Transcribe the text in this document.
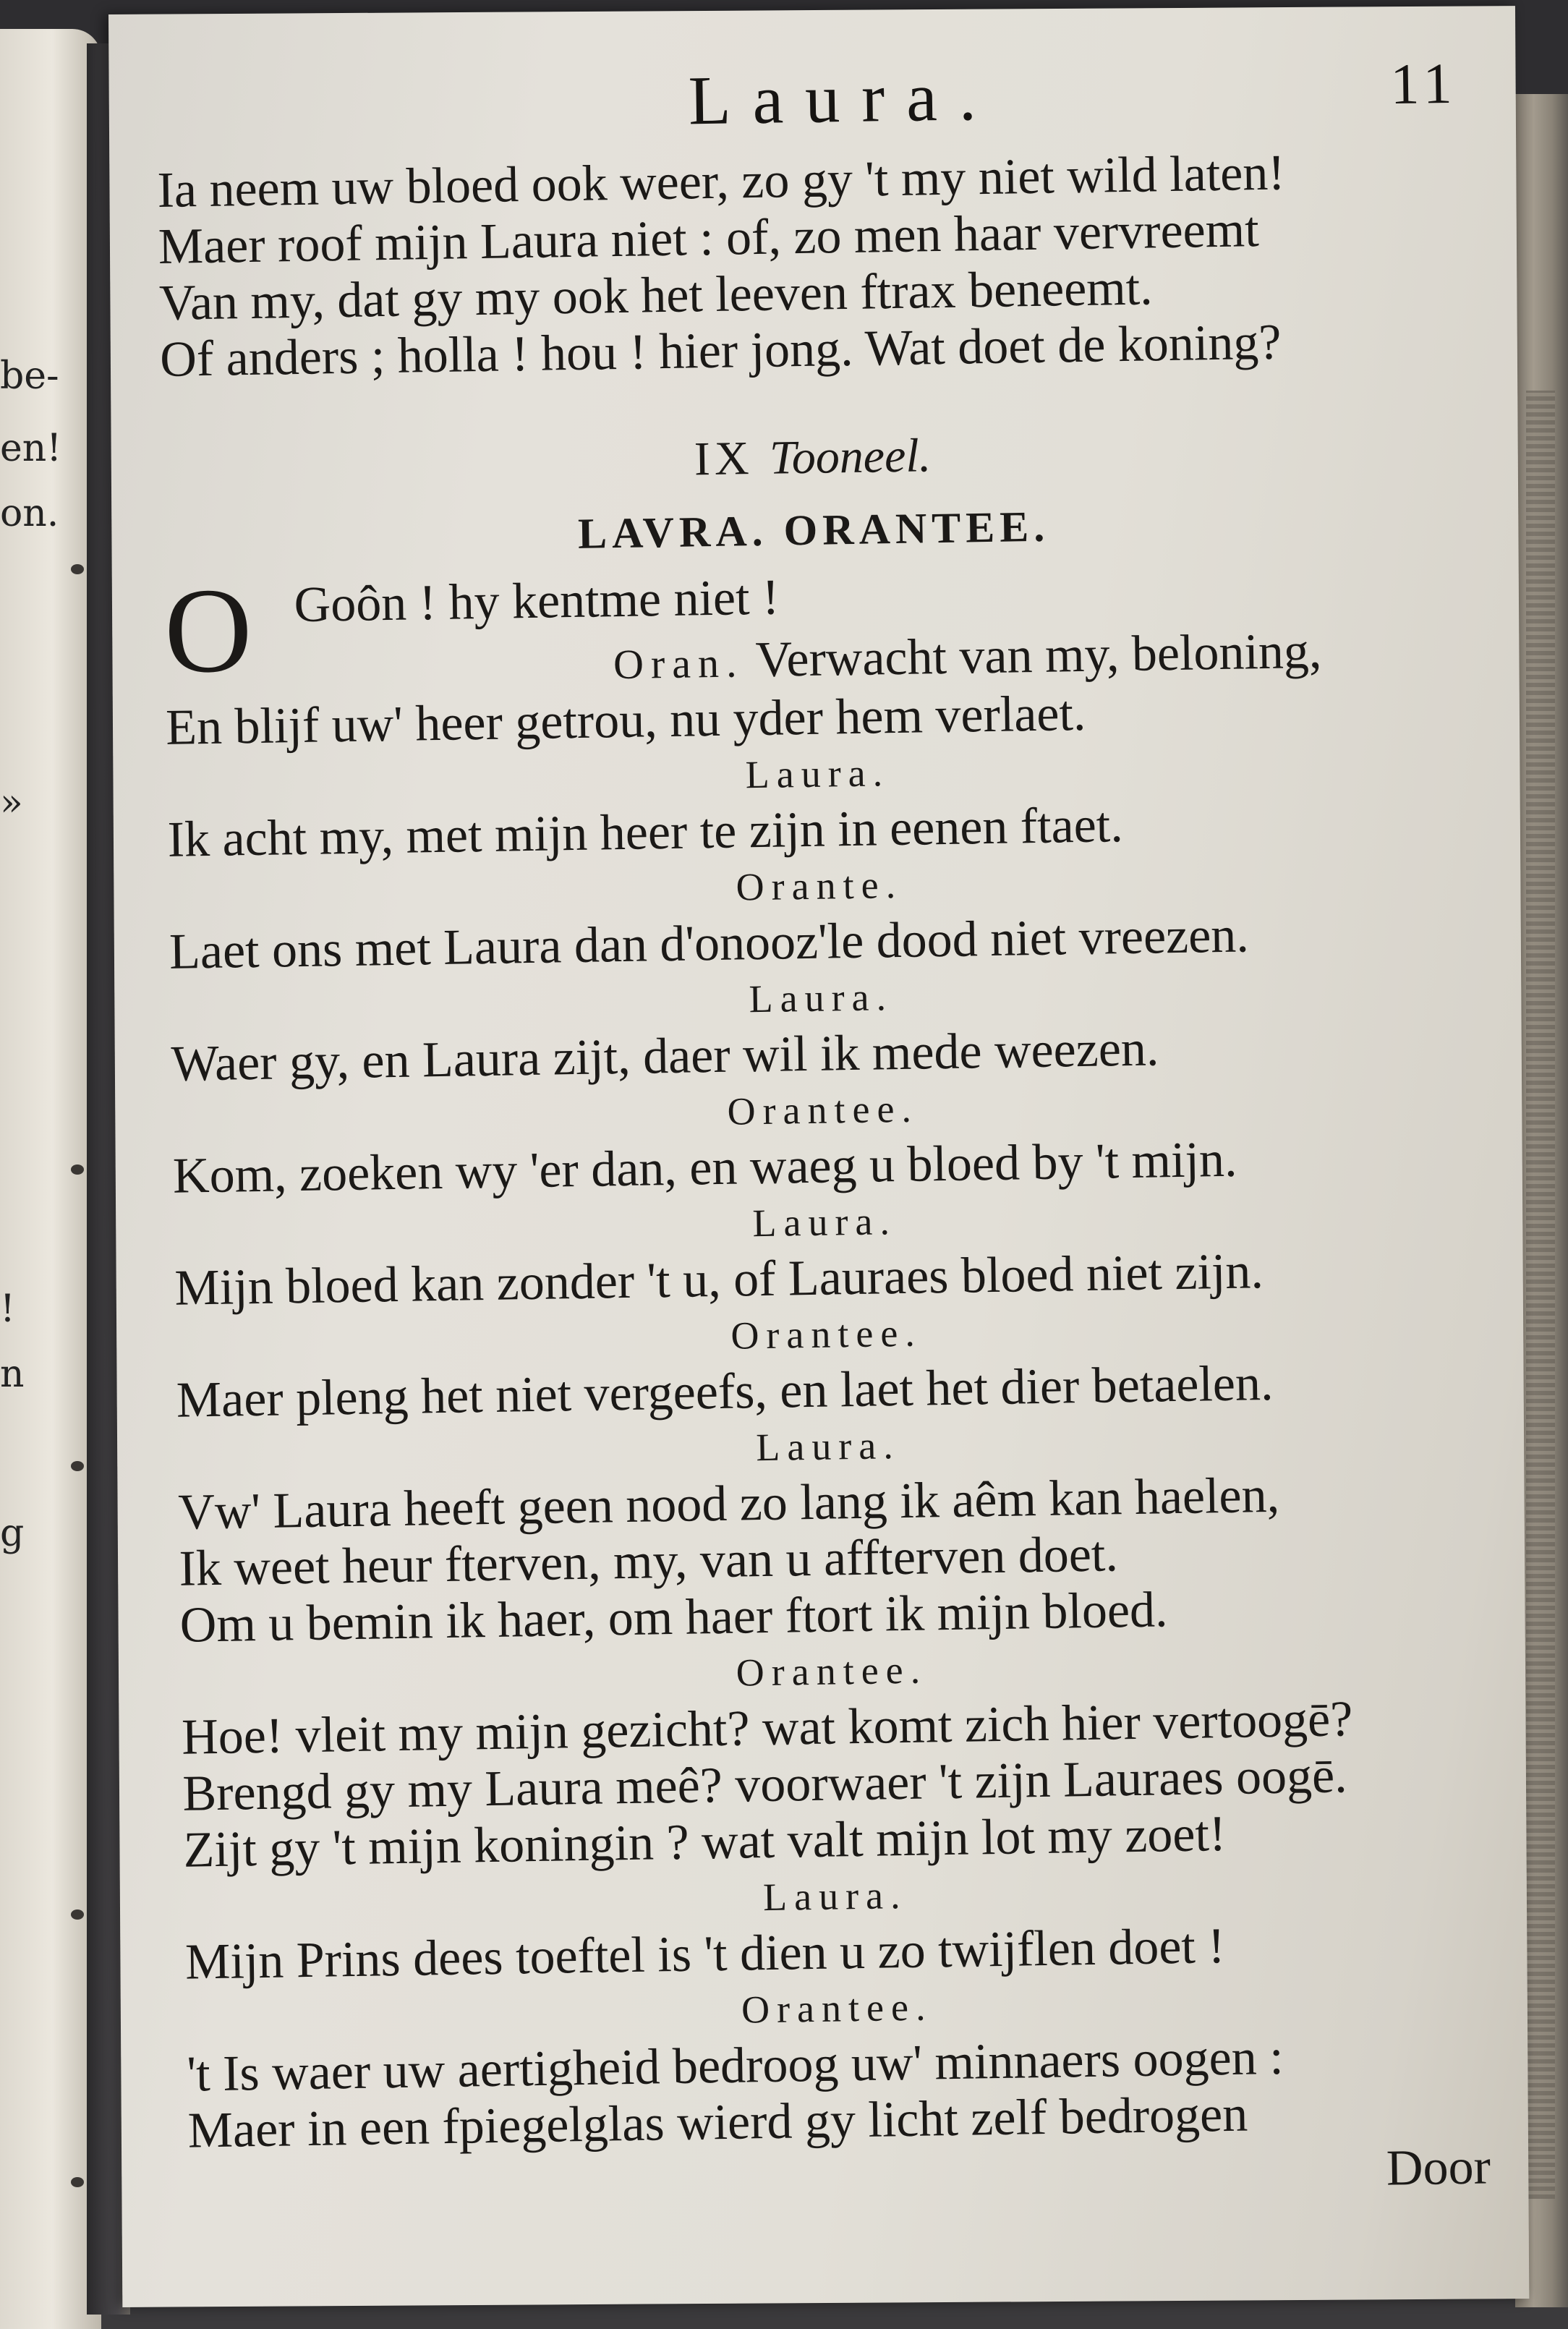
be-
en!
on.
»
!
n
g
Laura.	11
Ia neem uw bloed ook weer, zo gy 't my niet wild laten!
Maer roof mijn Laura niet : of, zo men haar vervreemt
Van my, dat gy my ook het leeven ftrax beneemt.
Of anders ; holla ! hou ! hier jong. Wat doet de koning?
IX Tooneel.
LAVRA. ORANTEE.
O Goôn ! hy kentme niet !
Oran. Verwacht van my, beloning,
En blijf uw' heer getrou, nu yder hem verlaet.
Laura.
Ik acht my, met mijn heer te zijn in eenen ftaet.
Orante.
Laet ons met Laura dan d'onooz'le dood niet vreezen.
Laura.
Waer gy, en Laura zijt, daer wil ik mede weezen.
Orantee.
Kom, zoeken wy 'er dan, en waeg u bloed by 't mijn.
Laura.
Mijn bloed kan zonder 't u, of Lauraes bloed niet zijn.
Orantee.
Maer pleng het niet vergeefs, en laet het dier betaelen.
Laura.
Vw' Laura heeft geen nood zo lang ik aêm kan haelen,
Ik weet heur fterven, my, van u affterven doet.
Om u bemin ik haer, om haer ftort ik mijn bloed.
Orantee.
Hoe! vleit my mijn gezicht? wat komt zich hier vertoogē?
Brengd gy my Laura meê? voorwaer 't zijn Lauraes oogē.
Zijt gy 't mijn koningin ? wat valt mijn lot my zoet!
Laura.
Mijn Prins dees toeftel is 't dien u zo twijflen doet !
Orantee.
't Is waer uw aertigheid bedroog uw' minnaers oogen :
Maer in een fpiegelglas wierd gy licht zelf bedrogen
Door
